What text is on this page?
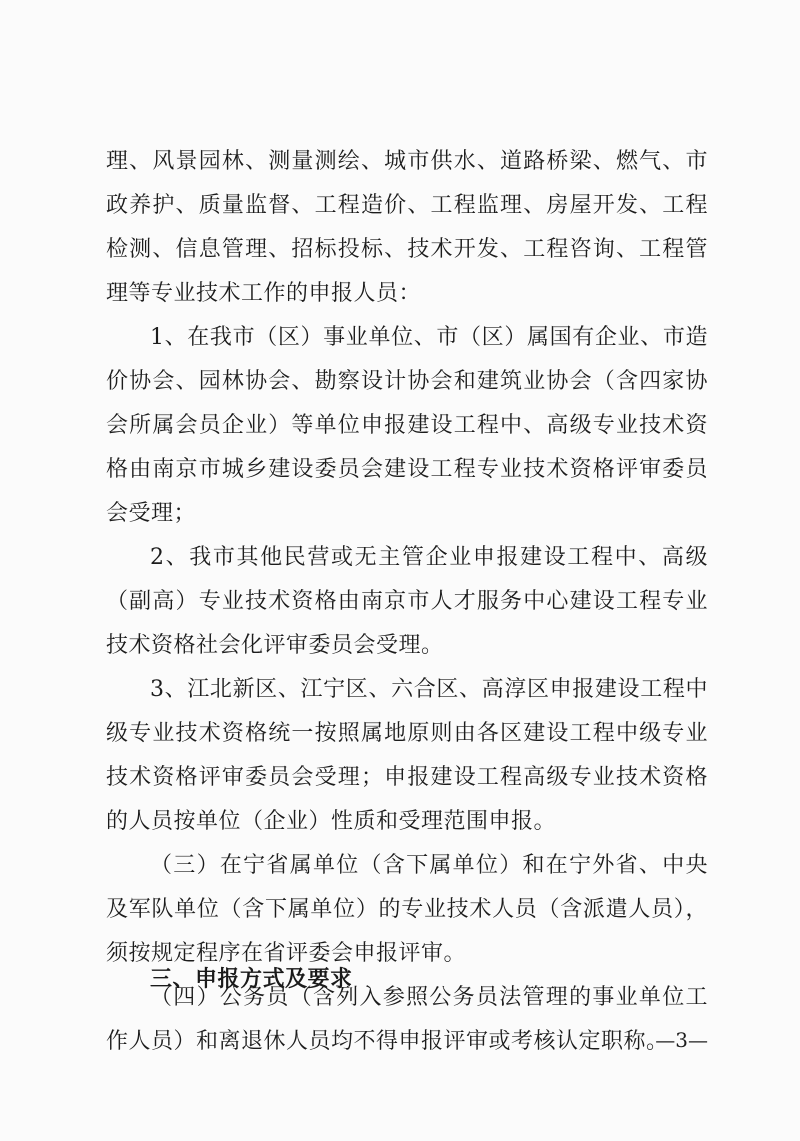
理、风景园林、测量测绘、城市供水、道路桥梁、燃气、市政养护、质量监督、工程造价、工程监理、房屋开发、工程检测、信息管理、招标投标、技术开发、工程咨询、工程管理等专业技术工作的申报人员：

1、在我市（区）事业单位、市（区）属国有企业、市造价协会、园林协会、勘察设计协会和建筑业协会（含四家协会所属会员企业）等单位申报建设工程中、高级专业技术资格由南京市城乡建设委员会建设工程专业技术资格评审委员会受理；

2、我市其他民营或无主管企业申报建设工程中、高级（副高）专业技术资格由南京市人才服务中心建设工程专业技术资格社会化评审委员会受理。

3、江北新区、江宁区、六合区、高淳区申报建设工程中级专业技术资格统一按照属地原则由各区建设工程中级专业技术资格评审委员会受理；申报建设工程高级专业技术资格的人员按单位（企业）性质和受理范围申报。

（三）在宁省属单位（含下属单位）和在宁外省、中央及军队单位（含下属单位）的专业技术人员（含派遣人员），须按规定程序在省评委会申报评审。

（四）公务员（含列入参照公务员法管理的事业单位工作人员）和离退休人员均不得申报评审或考核认定职称。

三、申报方式及要求
—3—
